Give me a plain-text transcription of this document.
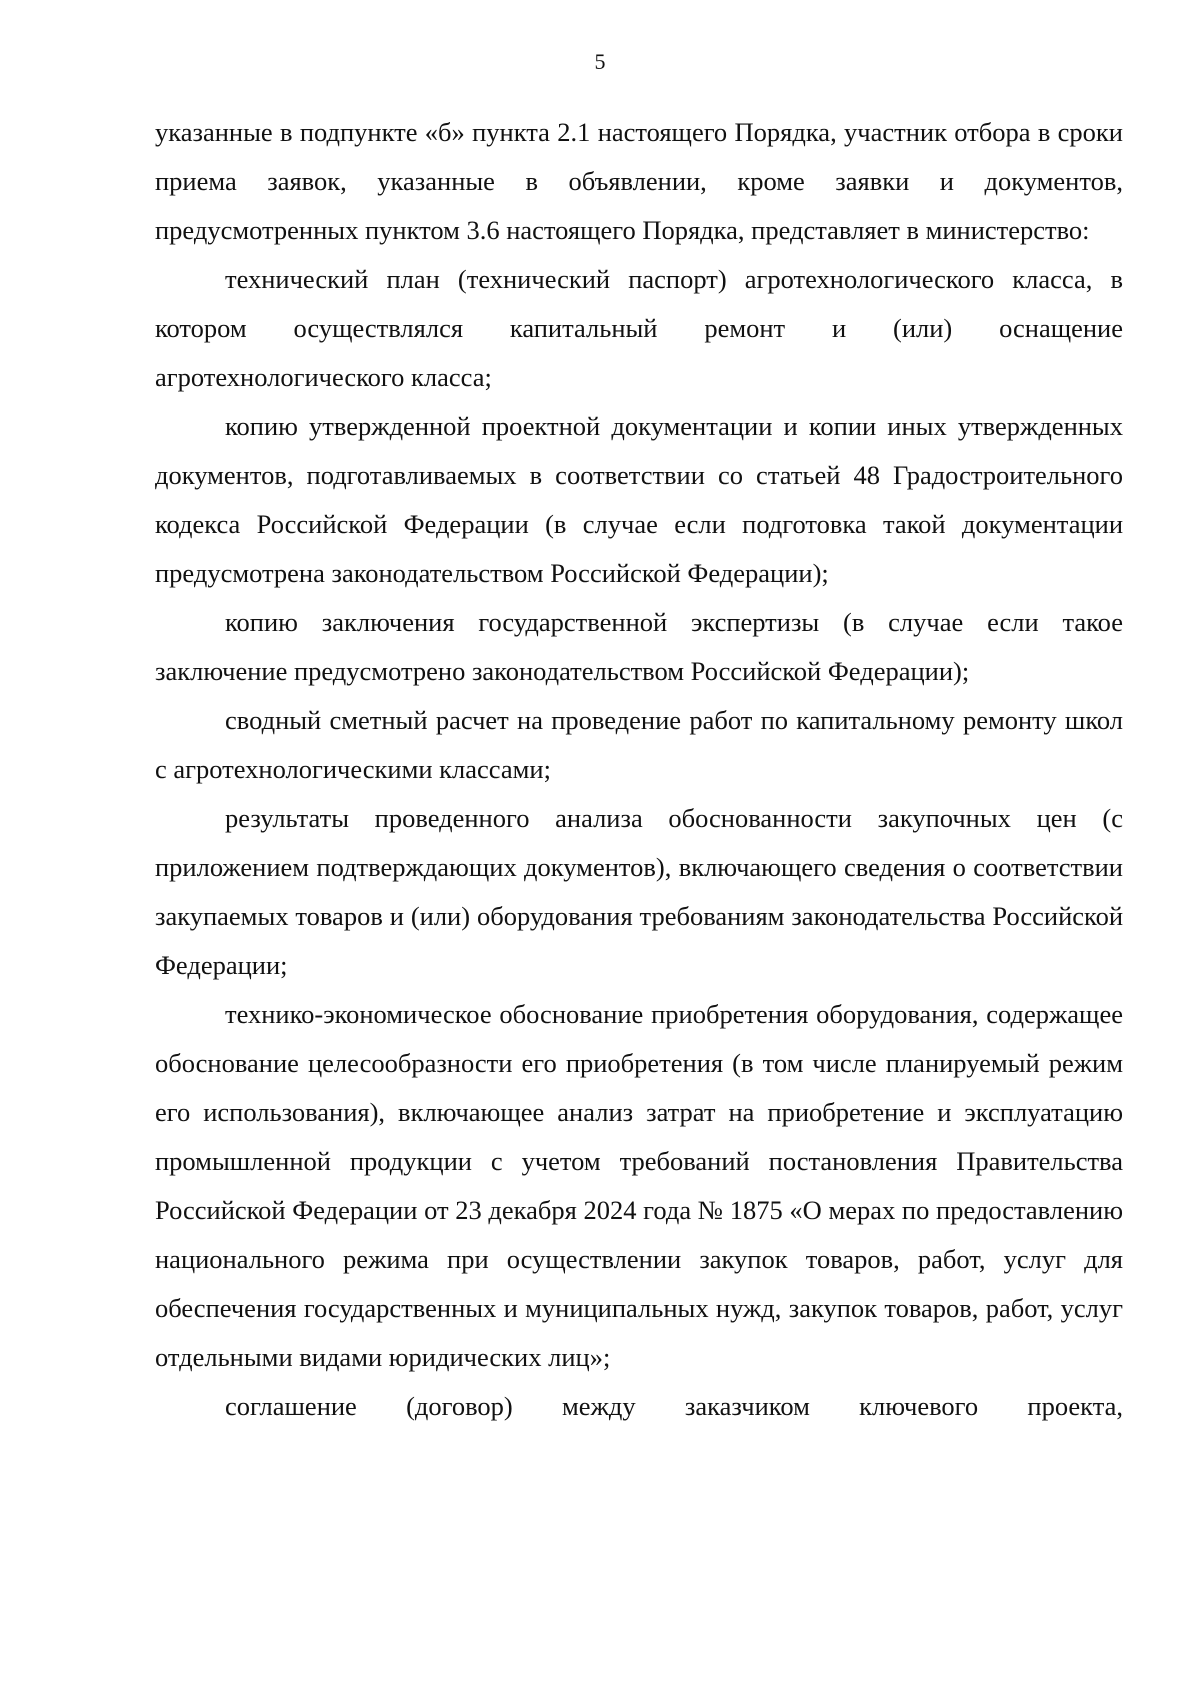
5

указанные в подпункте «б» пункта 2.1 настоящего Порядка, участник отбора в сроки приема заявок, указанные в объявлении, кроме заявки и документов, предусмотренных пунктом 3.6 настоящего Порядка, представляет в министерство:

технический план (технический паспорт) агротехнологического класса, в котором осуществлялся капитальный ремонт и (или) оснащение агротехнологического класса;

копию утвержденной проектной документации и копии иных утвержденных документов, подготавливаемых в соответствии со статьей 48 Градостроительного кодекса Российской Федерации (в случае если подготовка такой документации предусмотрена законодательством Российской Федерации);

копию заключения государственной экспертизы (в случае если такое заключение предусмотрено законодательством Российской Федерации);

сводный сметный расчет на проведение работ по капитальному ремонту школ с агротехнологическими классами;

результаты проведенного анализа обоснованности закупочных цен (с приложением подтверждающих документов), включающего сведения о соответствии закупаемых товаров и (или) оборудования требованиям законодательства Российской Федерации;

технико-экономическое обоснование приобретения оборудования, содержащее обоснование целесообразности его приобретения (в том числе планируемый режим его использования), включающее анализ затрат на приобретение и эксплуатацию промышленной продукции с учетом требований постановления Правительства Российской Федерации от 23 декабря 2024 года № 1875 «О мерах по предоставлению национального режима при осуществлении закупок товаров, работ, услуг для обеспечения государственных и муниципальных нужд, закупок товаров, работ, услуг отдельными видами юридических лиц»;

соглашение (договор) между заказчиком ключевого проекта,
